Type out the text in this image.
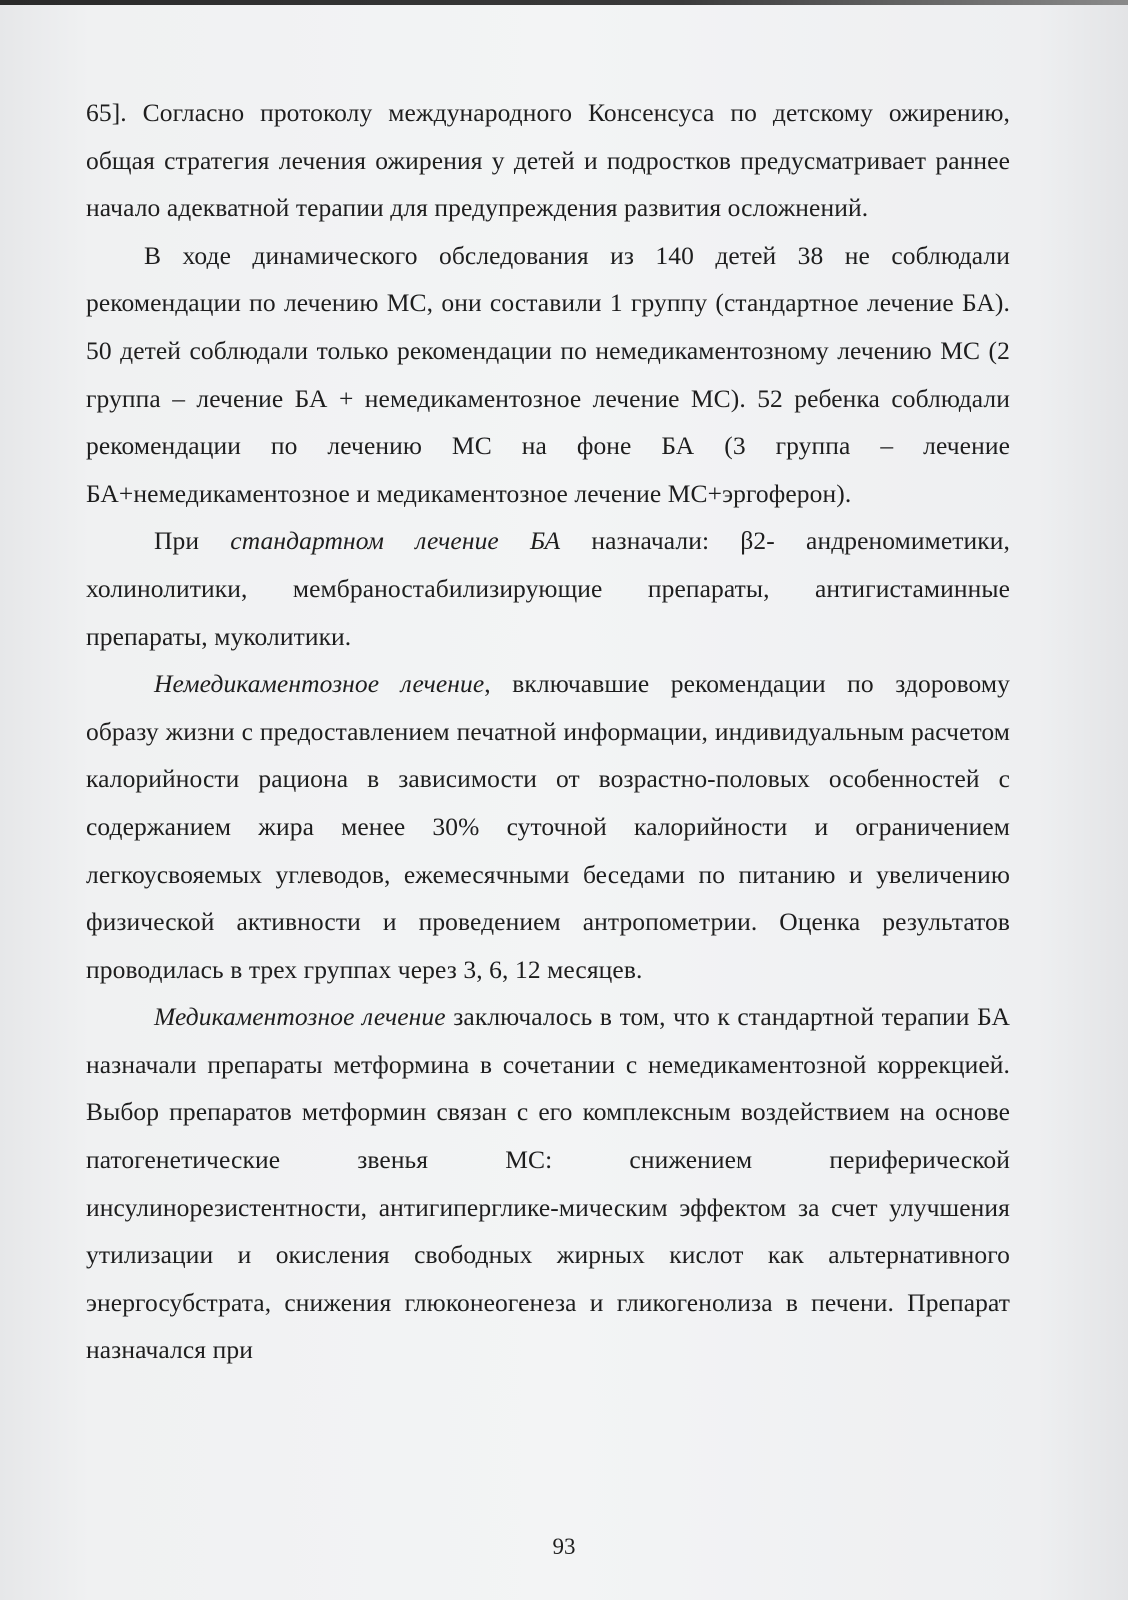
65]. Согласно протоколу международного Консенсуса по детскому ожирению, общая стратегия лечения ожирения у детей и подростков предусматривает раннее начало адекватной терапии для предупреждения развития осложнений.

В ходе динамического обследования из 140 детей 38 не соблюдали рекомендации по лечению МС, они составили 1 группу (стандартное лечение БА). 50 детей соблюдали только рекомендации по немедикаментозному лечению МС (2 группа – лечение БА + немедикаментозное лечение МС). 52 ребенка соблюдали рекомендации по лечению МС на фоне БА (3 группа – лечение БА+немедикаментозное и медикаментозное лечение МС+эргоферон).

При стандартном лечение БА назначали: β2- андреномиметики, холинолитики, мембраностабилизирующие препараты, антигистаминные препараты, муколитики.

Немедикаментозное лечение, включавшие рекомендации по здоровому образу жизни с предоставлением печатной информации, индивидуальным расчетом калорийности рациона в зависимости от возрастно-половых особенностей с содержанием жира менее 30% суточной калорийности и ограничением легкоусвояемых углеводов, ежемесячными беседами по питанию и увеличению физической активности и проведением антропометрии. Оценка результатов проводилась в трех группах через 3, 6, 12 месяцев.

Медикаментозное лечение заключалось в том, что к стандартной терапии БА назначали препараты метформина в сочетании с немедикаментозной коррекцией. Выбор препаратов метформин связан с его комплексным воздействием на основе патогенетические звенья МС: снижением периферической инсулинорезистентности, антигиперглике-мическим эффектом за счет улучшения утилизации и окисления свободных жирных кислот как альтернативного энергосубстрата, снижения глюконеогенеза и гликогенолиза в печени. Препарат назначался при

93
